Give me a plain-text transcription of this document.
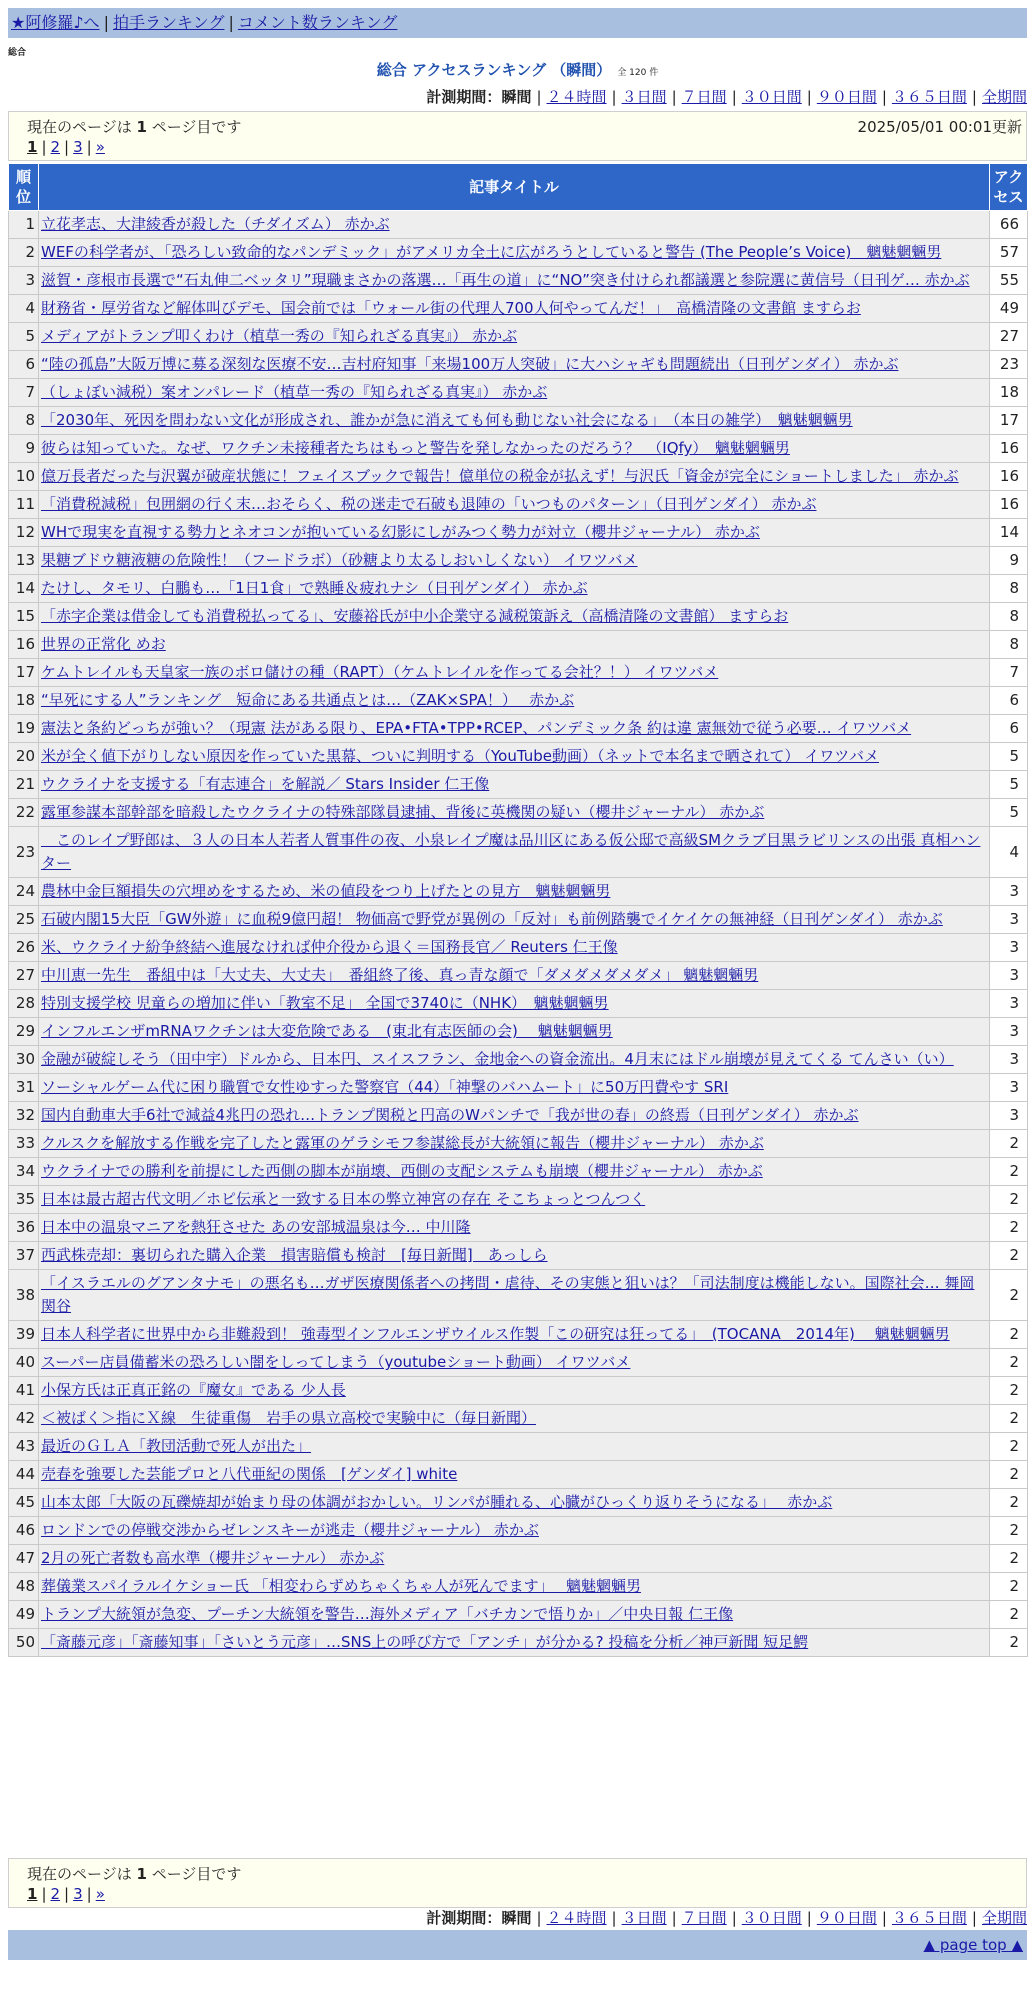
★阿修羅♪へ | 拍手ランキング | コメント数ランキング
総合
総合 アクセスランキング （瞬間） 全 120 件
計測期間：瞬間 | ２４時間 | ３日間 | ７日間 | ３０日間 | ９０日間 | ３６５日間 | 全期間
現在のページは 1 ページ目です	2025/05/01 00:01更新
1 | 2 | 3 | »
順位	記事タイトル	アクセス
1	立花孝志、大津綾香が殺した（チダイズム） 赤かぶ	66
2	WEFの科学者が、「恐ろしい致命的なパンデミック」がアメリカ全土に広がろうとしていると警告 (The People’s Voice)　魑魅魍魎男	57
3	滋賀・彦根市長選で“石丸伸二ベッタリ”現職まさかの落選…「再生の道」に“NO”突き付けられ都議選と参院選に黄信号（日刊ゲ… 赤かぶ	55
4	財務省・厚労省など解体叫びデモ、国会前では「ウォール街の代理人700人何やってんだ！」　高橋清隆の文書館 ますらお	49
5	メディアがトランプ叩くわけ（植草一秀の『知られざる真実』） 赤かぶ	27
6	“陸の孤島”大阪万博に募る深刻な医療不安…吉村府知事「来場100万人突破」に大ハシャギも問題続出（日刊ゲンダイ） 赤かぶ	23
7	（しょぼい減税）案オンパレード（植草一秀の『知られざる真実』） 赤かぶ	18
8	「2030年、死因を問わない文化が形成され、誰かが急に消えても何も動じない社会になる」　（本日の雑学）　魑魅魍魎男	17
9	彼らは知っていた。なぜ、ワクチン未接種者たちはもっと警告を発しなかったのだろう？　（IQfy）　魑魅魍魎男	16
10	億万長者だった与沢翼が破産状態に！フェイスブックで報告！億単位の税金が払えず！与沢氏「資金が完全にショートしました」 赤かぶ	16
11	「消費税減税」包囲網の行く末…おそらく、税の迷走で石破も退陣の「いつものパターン」（日刊ゲンダイ） 赤かぶ	16
12	WHで現実を直視する勢力とネオコンが抱いている幻影にしがみつく勢力が対立（櫻井ジャーナル） 赤かぶ	14
13	果糖ブドウ糖液糖の危険性！（フードラボ）（砂糖より太るしおいしくない） イワツバメ	9
14	たけし、タモリ、白鵬も…「1日1食」で熟睡＆疲れナシ（日刊ゲンダイ） 赤かぶ	8
15	「赤字企業は借金しても消費税払ってる」、安藤裕氏が中小企業守る減税策訴え（高橋清隆の文書館） ますらお	8
16	世界の正常化 めお	8
17	ケムトレイルも天皇家一族のボロ儲けの種（RAPT）（ケムトレイルを作ってる会社？！） イワツバメ	7
18	“早死にする人”ランキング　短命にある共通点とは…（ZAK×SPA！）　 赤かぶ	6
19	憲法と条約どっちが強い？（現憲 法がある限り、EPA•FTA•TPP•RCEP、パンデミック条 約は違 憲無効で従う必要… イワツバメ	6
20	米が全く値下がりしない原因を作っていた黒幕、ついに判明する（YouTube動画）（ネットで本名まで晒されて） イワツバメ	5
21	ウクライナを支援する「有志連合」を解説／ Stars Insider 仁王像	5
22	露軍参謀本部幹部を暗殺したウクライナの特殊部隊員逮捕、背後に英機関の疑い（櫻井ジャーナル） 赤かぶ	5
23	　このレイプ野郎は、３人の日本人若者人質事件の夜、小泉レイプ魔は品川区にある仮公邸で高級SMクラブ目黒ラビリンスの出張 真相ハンター	4
24	農林中金巨額損失の穴埋めをするため、米の値段をつり上げたとの見方　魑魅魍魎男	3
25	石破内閣15大臣「GW外遊」に血税9億円超！ 物価高で野党が異例の「反対」も前例踏襲でイケイケの無神経（日刊ゲンダイ） 赤かぶ	3
26	米、ウクライナ紛争終結へ進展なければ仲介役から退く＝国務長官／ Reuters 仁王像	3
27	中川恵一先生　番組中は「大丈夫、大丈夫」　番組終了後、真っ青な顔で「ダメダメダメダメ」 魑魅魍魎男	3
28	特別支援学校 児童らの増加に伴い「教室不足」 全国で3740に（NHK）　魑魅魍魎男	3
29	インフルエンザmRNAワクチンは大変危険である　(東北有志医師の会)　 魑魅魍魎男	3
30	金融が破綻しそう（田中宇）ドルから、日本円、スイスフラン、金地金への資金流出。4月末にはドル崩壊が見えてくる てんさい（い）	3
31	ソーシャルゲーム代に困り職質で女性ゆすった警察官（44）「神撃のバハムート」に50万円費やす SRI	3
32	国内自動車大手6社で減益4兆円の恐れ…トランプ関税と円高のWパンチで「我が世の春」の終焉（日刊ゲンダイ） 赤かぶ	3
33	クルスクを解放する作戦を完了したと露軍のゲラシモフ参謀総長が大統領に報告（櫻井ジャーナル） 赤かぶ	2
34	ウクライナでの勝利を前提にした西側の脚本が崩壊、西側の支配システムも崩壊（櫻井ジャーナル） 赤かぶ	2
35	日本は最古超古代文明／ホピ伝承と一致する日本の弊立神宮の存在 そこちょっとつんつく	2
36	日本中の温泉マニアを熱狂させた あの安部城温泉は今… 中川隆	2
37	西武株売却：裏切られた購入企業　損害賠償も検討　[毎日新聞]　あっしら	2
38	「イスラエルのグアンタナモ」の悪名も…ガザ医療関係者への拷問・虐待、その実態と狙いは？「司法制度は機能しない。国際社会… 舞岡関谷	2
39	日本人科学者に世界中から非難殺到！ 強毒型インフルエンザウイルス作製「この研究は狂ってる」　(TOCANA　2014年)　 魑魅魍魎男	2
40	スーパー店員備蓄米の恐ろしい闇をしってしまう（youtubeショート動画） イワツバメ	2
41	小保方氏は正真正銘の『魔女』である 少人長	2
42	＜被ばく＞指にＸ線　生徒重傷　岩手の県立高校で実験中に（毎日新聞）	2
43	最近のＧＬＡ「教団活動で死人が出た」	2
44	売春を強要した芸能プロと八代亜紀の関係　[ゲンダイ] white	2
45	山本太郎「大阪の瓦礫焼却が始まり母の体調がおかしい。リンパが腫れる、心臓がひっくり返りそうになる」　 赤かぶ	2
46	ロンドンでの停戦交渉からゼレンスキーが逃走（櫻井ジャーナル） 赤かぶ	2
47	2月の死亡者数も高水準（櫻井ジャーナル） 赤かぶ	2
48	葬儀業スパイラルイケショー氏 「相変わらずめちゃくちゃ人が死んでます」　 魑魅魍魎男	2
49	トランプ大統領が急変、プーチン大統領を警告…海外メディア「バチカンで悟りか」／中央日報 仁王像	2
50	「斎藤元彦」「斎藤知事」「さいとう元彦」…SNS上の呼び方で「アンチ」が分かる? 投稿を分析／神戸新聞 短足鰐	2
現在のページは 1 ページ目です
1 | 2 | 3 | »
計測期間：瞬間 | ２４時間 | ３日間 | ７日間 | ３０日間 | ９０日間 | ３６５日間 | 全期間
▲ page top ▲
